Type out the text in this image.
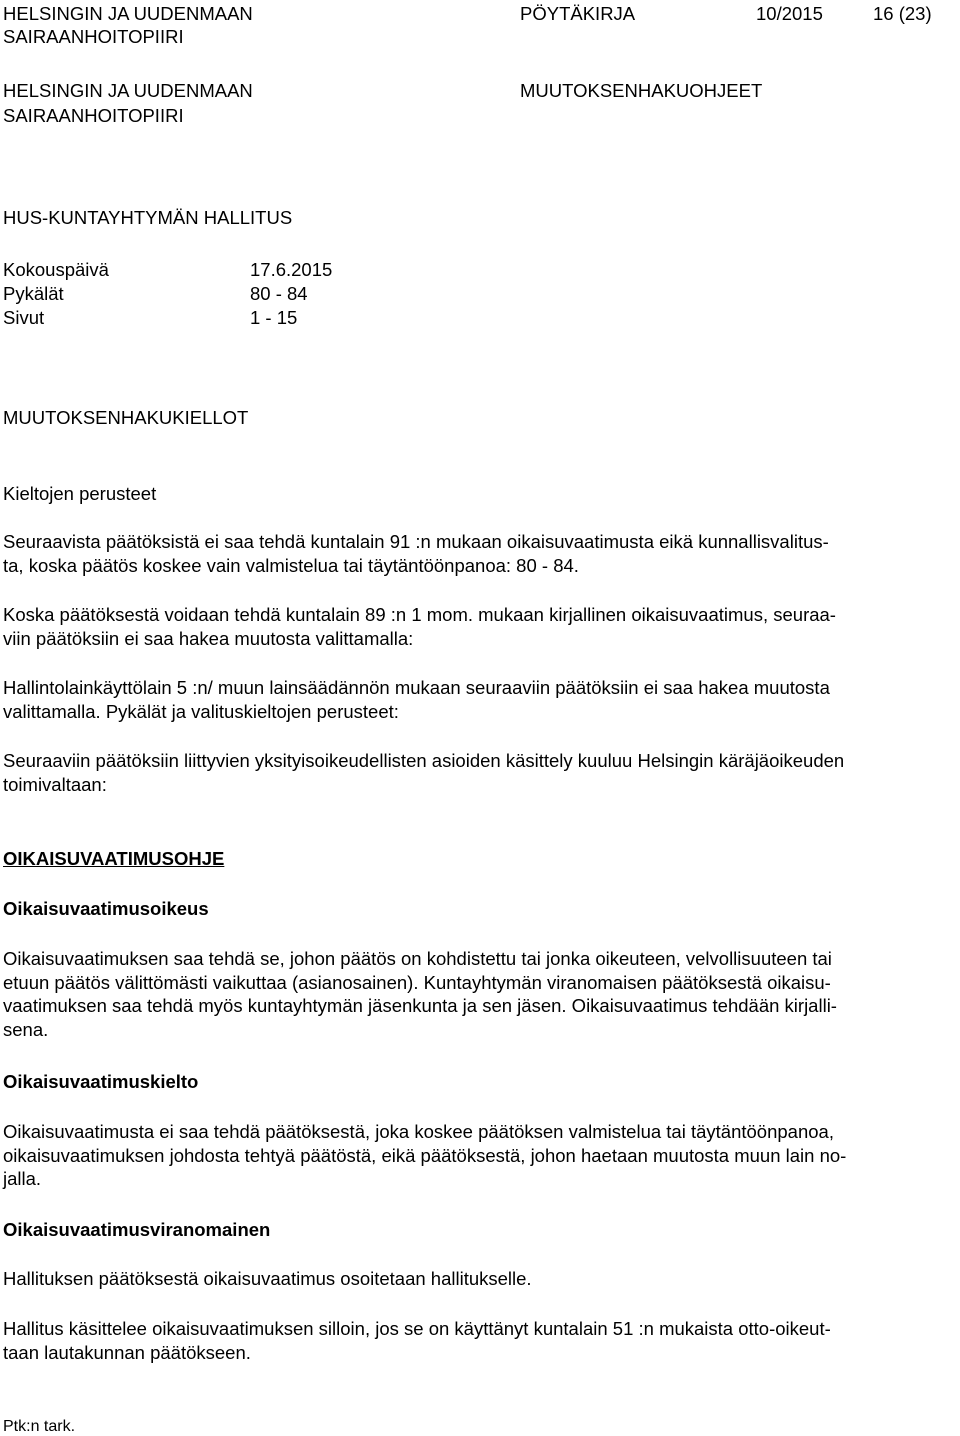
HELSINGIN JA UUDENMAAN
SAIRAANHOITOPIIRI
PÖYTÄKIRJA	10/2015	16 (23)
HELSINGIN JA UUDENMAAN
SAIRAANHOITOPIIRI
MUUTOKSENHAKUOHJEET
HUS-KUNTAYHTYMÄN HALLITUS
Kokouspäivä	17.6.2015
Pykälät	80 - 84
Sivut	1 - 15
MUUTOKSENHAKUKIELLOT
Kieltojen perusteet
Seuraavista päätöksistä ei saa tehdä kuntalain 91 :n mukaan oikaisuvaatimusta eikä kunnallisvalitus-
ta, koska päätös koskee vain valmistelua tai täytäntöönpanoa: 80 - 84.
Koska päätöksestä voidaan tehdä kuntalain 89 :n 1 mom. mukaan kirjallinen oikaisuvaatimus, seuraa-
viin päätöksiin ei saa hakea muutosta valittamalla:
Hallintolainkäyttölain 5 :n/ muun lainsäädännön mukaan seuraaviin päätöksiin ei saa hakea muutosta
valittamalla. Pykälät ja valituskieltojen perusteet:
Seuraaviin päätöksiin liittyvien yksityisoikeudellisten asioiden käsittely kuuluu Helsingin käräjäoikeuden
toimivaltaan:
OIKAISUVAATIMUSOHJE
Oikaisuvaatimusoikeus
Oikaisuvaatimuksen saa tehdä se, johon päätös on kohdistettu tai jonka oikeuteen, velvollisuuteen tai
etuun päätös välittömästi vaikuttaa (asianosainen). Kuntayhtymän viranomaisen päätöksestä oikaisu-
vaatimuksen saa tehdä myös kuntayhtymän jäsenkunta ja sen jäsen. Oikaisuvaatimus tehdään kirjalli-
sena.
Oikaisuvaatimuskielto
Oikaisuvaatimusta ei saa tehdä päätöksestä, joka koskee päätöksen valmistelua tai täytäntöönpanoa,
oikaisuvaatimuksen johdosta tehtyä päätöstä, eikä päätöksestä, johon haetaan muutosta muun lain no-
jalla.
Oikaisuvaatimusviranomainen
Hallituksen päätöksestä oikaisuvaatimus osoitetaan hallitukselle.
Hallitus käsittelee oikaisuvaatimuksen silloin, jos se on käyttänyt kuntalain 51 :n mukaista otto-oikeut-
taan lautakunnan päätökseen.
Ptk:n tark.
